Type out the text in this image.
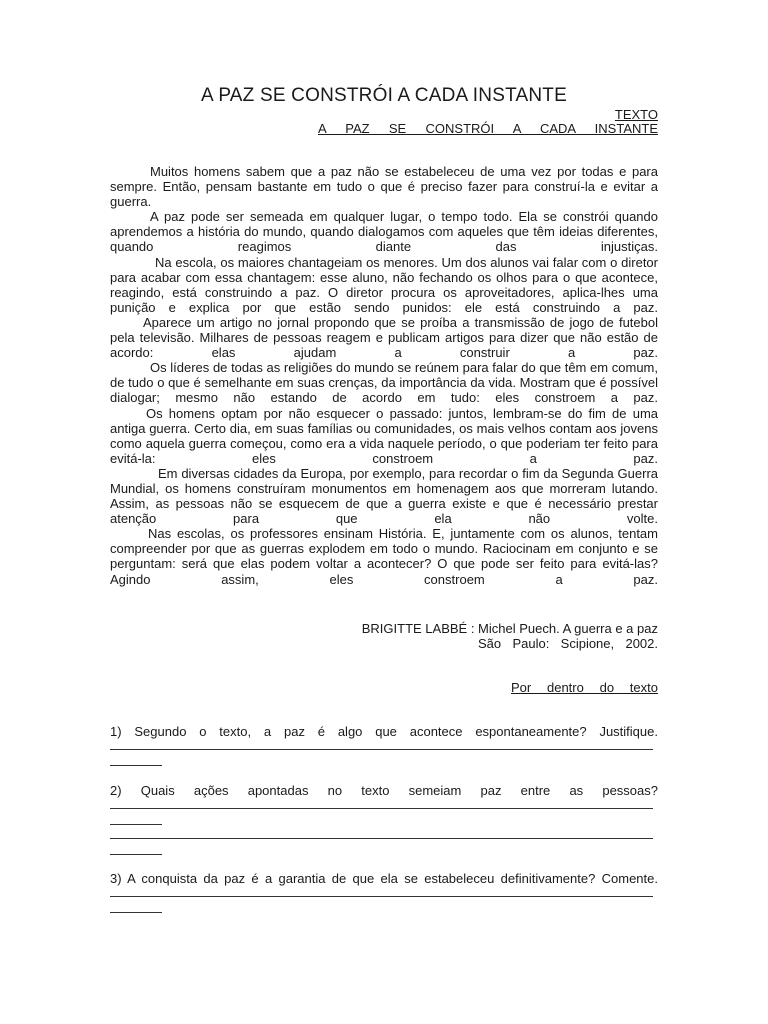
A PAZ SE CONSTRÓI A CADA INSTANTE
TEXTO
A PAZ SE CONSTRÓI A CADA INSTANTE

Muitos homens sabem que a paz não se estabeleceu de uma vez por todas e para sempre. Então, pensam bastante em tudo o que é preciso fazer para construí-la e evitar a guerra.

A paz pode ser semeada em qualquer lugar, o tempo todo. Ela se constrói quando aprendemos a história do mundo, quando dialogamos com aqueles que têm ideias diferentes, quando reagimos diante das injustiças.

Na escola, os maiores chantageiam os menores. Um dos alunos vai falar com o diretor para acabar com essa chantagem: esse aluno, não fechando os olhos para o que acontece, reagindo, está construindo a paz. O diretor procura os aproveitadores, aplica-lhes uma punição e explica por que estão sendo punidos: ele está construindo a paz.

Aparece um artigo no jornal propondo que se proíba a transmissão de jogo de futebol pela televisão. Milhares de pessoas reagem e publicam artigos para dizer que não estão de acordo: elas ajudam a construir a paz.

Os líderes de todas as religiões do mundo se reúnem para falar do que têm em comum, de tudo o que é semelhante em suas crenças, da importância da vida. Mostram que é possível dialogar; mesmo não estando de acordo em tudo: eles constroem a paz.

Os homens optam por não esquecer o passado: juntos, lembram-se do fim de uma antiga guerra. Certo dia, em suas famílias ou comunidades, os mais velhos contam aos jovens como aquela guerra começou, como era a vida naquele período, o que poderiam ter feito para evitá-la: eles constroem a paz.

Em diversas cidades da Europa, por exemplo, para recordar o fim da Segunda Guerra Mundial, os homens construíram monumentos em homenagem aos que morreram lutando. Assim, as pessoas não se esquecem de que a guerra existe e que é necessário prestar atenção para que ela não volte.

Nas escolas, os professores ensinam História. E, juntamente com os alunos, tentam compreender por que as guerras explodem em todo o mundo. Raciocinam em conjunto e se perguntam: será que elas podem voltar a acontecer? O que pode ser feito para evitá-las? Agindo assim, eles constroem a paz.

BRIGITTE LABBÉ : Michel Puech. A guerra e a paz
São Paulo: Scipione, 2002.
Por dentro do texto
1) Segundo o texto, a paz é algo que acontece espontaneamente? Justifique.
2) Quais ações apontadas no texto semeiam paz entre as pessoas?
3) A conquista da paz é a garantia de que ela se estabeleceu definitivamente? Comente.
